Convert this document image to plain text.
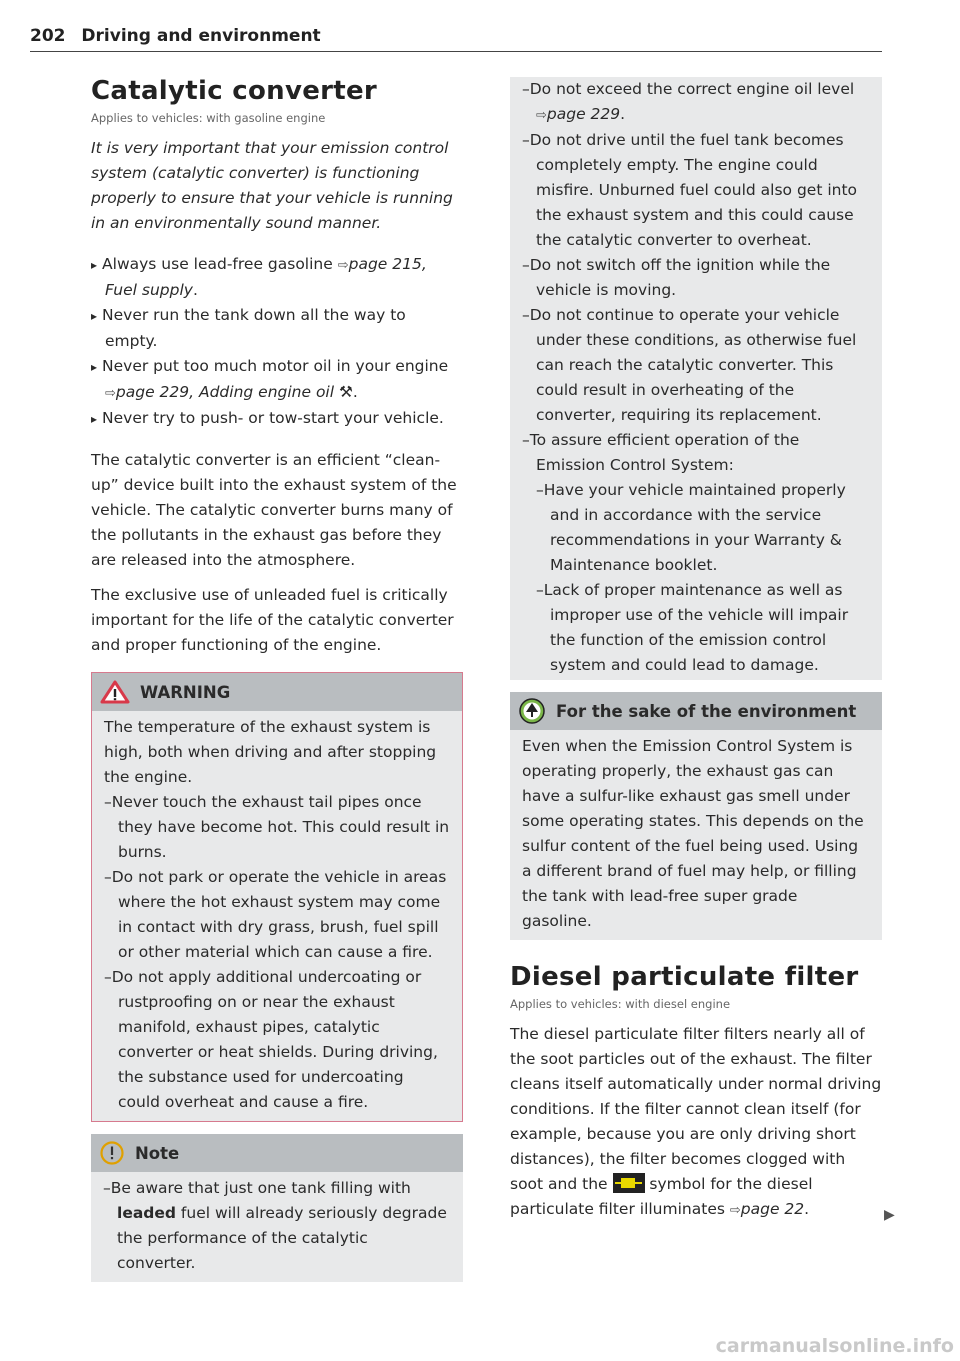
202 Driving and environment
Catalytic converter
Applies to vehicles: with gasoline engine

It is very important that your emission control system (catalytic converter) is functioning properly to ensure that your vehicle is running in an environmentally sound manner.

▸ Always use lead-free gasoline ⇨page 215, Fuel supply.
▸ Never run the tank down all the way to empty.
▸ Never put too much motor oil in your engine ⇨page 229, Adding engine oil ⚒.
▸ Never try to push- or tow-start your vehicle.

The catalytic converter is an efficient “clean-up” device built into the exhaust system of the vehicle. The catalytic converter burns many of the pollutants in the exhaust gas before they are released into the atmosphere.

The exclusive use of unleaded fuel is critically important for the life of the catalytic converter and proper functioning of the engine.

WARNING

The temperature of the exhaust system is high, both when driving and after stopping the engine.

– Never touch the exhaust tail pipes once they have become hot. This could result in burns.
– Do not park or operate the vehicle in areas where the hot exhaust system may come in contact with dry grass, brush, fuel spill or other material which can cause a fire.
– Do not apply additional undercoating or rustproofing on or near the exhaust manifold, exhaust pipes, catalytic converter or heat shields. During driving, the substance used for undercoating could overheat and cause a fire.
Note
– Be aware that just one tank filling with leaded fuel will already seriously degrade the performance of the catalytic converter.
– Do not exceed the correct engine oil level
⇨page 229.
– Do not drive until the fuel tank becomes completely empty. The engine could misfire. Unburned fuel could also get into the exhaust system and this could cause the catalytic converter to overheat.
– Do not switch off the ignition while the vehicle is moving.
– Do not continue to operate your vehicle under these conditions, as otherwise fuel can reach the catalytic converter. This could result in overheating of the converter, requiring its replacement.
– To assure efficient operation of the Emission Control System:
– Have your vehicle maintained properly and in accordance with the service recommendations in your Warranty & Maintenance booklet.
– Lack of proper maintenance as well as improper use of the vehicle will impair the function of the emission control system and could lead to damage.
For the sake of the environment

Even when the Emission Control System is operating properly, the exhaust gas can have a sulfur-like exhaust gas smell under some operating states. This depends on the sulfur content of the fuel being used. Using a different brand of fuel may help, or filling the tank with lead-free super grade gasoline.

Diesel particulate filter
Applies to vehicles: with diesel engine

The diesel particulate filter filters nearly all of the soot particles out of the exhaust. The filter cleans itself automatically under normal driving conditions. If the filter cannot clean itself (for example, because you are only driving short distances), the filter becomes clogged with soot and the  symbol for the diesel particulate filter illuminates ⇨page 22.	▶
carmanualsonline.info
